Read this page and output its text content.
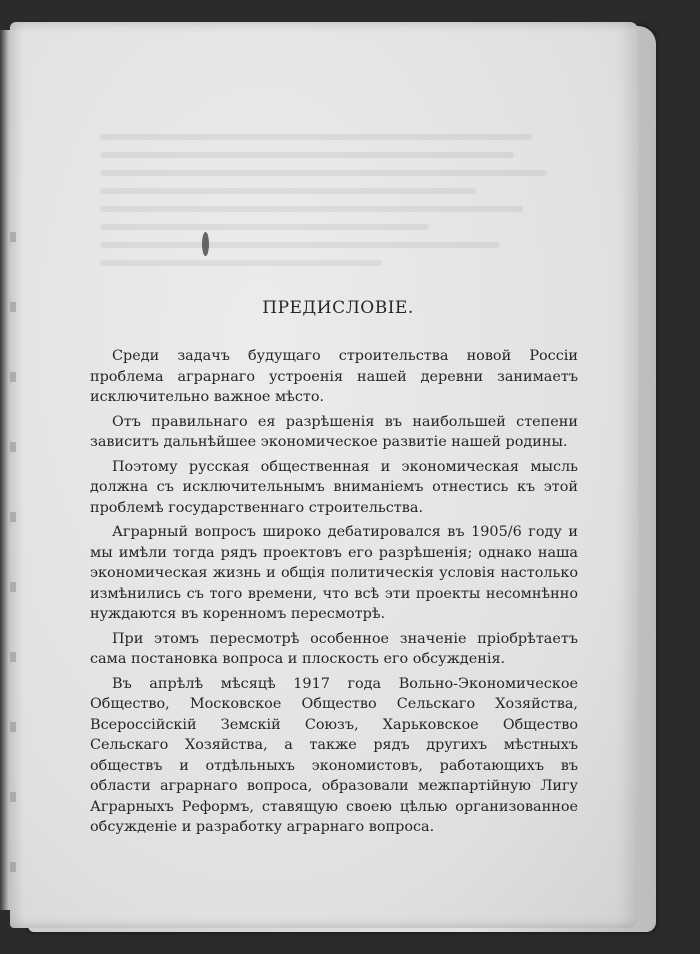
ПРЕДИСЛОВIЕ.

Среди задачъ будущаго строительства новой Россiи проблема аграрнаго устроенiя нашей деревни занимаетъ исключительно важное мѣсто.

Отъ правильнаго ея разрѣшенiя въ наибольшей степени зависитъ дальнѣйшее экономическое развитiе нашей родины.

Поэтому русская общественная и экономическая мысль должна съ исключительнымъ вниманiемъ отнестись къ этой проблемѣ государственнаго строительства.

Аграрный вопросъ широко дебатировался въ 1905/6 году и мы имѣли тогда рядъ проектовъ его разрѣшенiя; однако наша экономическая жизнь и общiя политическiя условiя настолько измѣнились съ того времени, что всѣ эти проекты несомнѣнно нуждаются въ коренномъ пересмотрѣ.

При этомъ пересмотрѣ особенное значенiе прiобрѣтаетъ сама постановка вопроса и плоскость его обсужденiя.

Въ апрѣлѣ мѣсяцѣ 1917 года Вольно-Экономическое Общество, Московское Общество Сельскаго Хозяйства, Всероссiйскiй Земскiй Союзъ, Харьковское Общество Сельскаго Хозяйства, а также рядъ другихъ мѣстныхъ обществъ и отдѣльныхъ экономистовъ, работающихъ въ области аграрнаго вопроса, образовали межпартiйную Лигу Аграрныхъ Реформъ, ставящую своею цѣлью организованное обсужденiе и разработку аграрнаго вопроса.
